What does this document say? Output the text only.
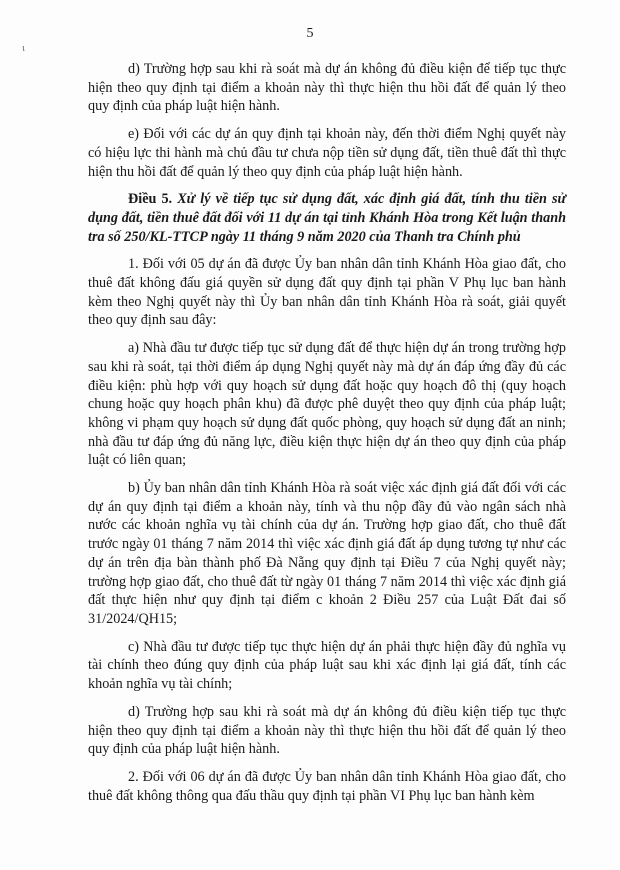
5
ι

d) Trường hợp sau khi rà soát mà dự án không đủ điều kiện để tiếp tục thực hiện theo quy định tại điểm a khoản này thì thực hiện thu hồi đất để quản lý theo quy định của pháp luật hiện hành.

e) Đối với các dự án quy định tại khoản này, đến thời điểm Nghị quyết này có hiệu lực thi hành mà chủ đầu tư chưa nộp tiền sử dụng đất, tiền thuê đất thì thực hiện thu hồi đất để quản lý theo quy định của pháp luật hiện hành.

Điều 5. Xử lý về tiếp tục sử dụng đất, xác định giá đất, tính thu tiền sử dụng đất, tiền thuê đất đối với 11 dự án tại tỉnh Khánh Hòa trong Kết luận thanh tra số 250/KL-TTCP ngày 11 tháng 9 năm 2020 của Thanh tra Chính phủ

1. Đối với 05 dự án đã được Ủy ban nhân dân tỉnh Khánh Hòa giao đất, cho thuê đất không đấu giá quyền sử dụng đất quy định tại phần V Phụ lục ban hành kèm theo Nghị quyết này thì Ủy ban nhân dân tỉnh Khánh Hòa rà soát, giải quyết theo quy định sau đây:

a) Nhà đầu tư được tiếp tục sử dụng đất để thực hiện dự án trong trường hợp sau khi rà soát, tại thời điểm áp dụng Nghị quyết này mà dự án đáp ứng đầy đủ các điều kiện: phù hợp với quy hoạch sử dụng đất hoặc quy hoạch đô thị (quy hoạch chung hoặc quy hoạch phân khu) đã được phê duyệt theo quy định của pháp luật; không vi phạm quy hoạch sử dụng đất quốc phòng, quy hoạch sử dụng đất an ninh; nhà đầu tư đáp ứng đủ năng lực, điều kiện thực hiện dự án theo quy định của pháp luật có liên quan;

b) Ủy ban nhân dân tỉnh Khánh Hòa rà soát việc xác định giá đất đối với các dự án quy định tại điểm a khoản này, tính và thu nộp đầy đủ vào ngân sách nhà nước các khoản nghĩa vụ tài chính của dự án. Trường hợp giao đất, cho thuê đất trước ngày 01 tháng 7 năm 2014 thì việc xác định giá đất áp dụng tương tự như các dự án trên địa bàn thành phố Đà Nẵng quy định tại Điều 7 của Nghị quyết này; trường hợp giao đất, cho thuê đất từ ngày 01 tháng 7 năm 2014 thì việc xác định giá đất thực hiện như quy định tại điểm c khoản 2 Điều 257 của Luật Đất đai số 31/2024/QH15;

c) Nhà đầu tư được tiếp tục thực hiện dự án phải thực hiện đầy đủ nghĩa vụ tài chính theo đúng quy định của pháp luật sau khi xác định lại giá đất, tính các khoản nghĩa vụ tài chính;

d) Trường hợp sau khi rà soát mà dự án không đủ điều kiện tiếp tục thực hiện theo quy định tại điểm a khoản này thì thực hiện thu hồi đất để quản lý theo quy định của pháp luật hiện hành.

2. Đối với 06 dự án đã được Ủy ban nhân dân tỉnh Khánh Hòa giao đất, cho thuê đất không thông qua đấu thầu quy định tại phần VI Phụ lục ban hành kèm
